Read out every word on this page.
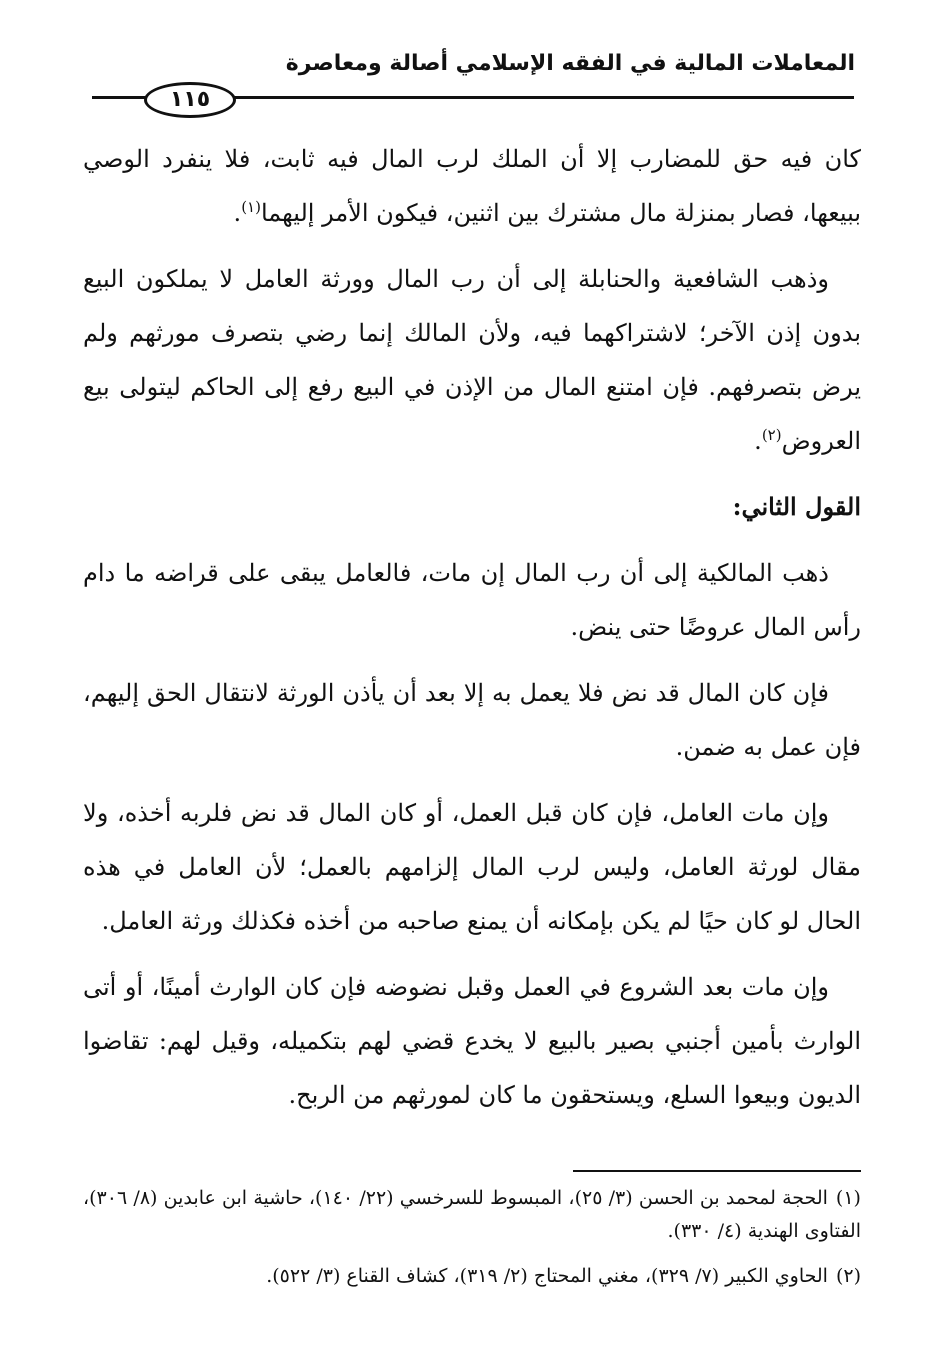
المعاملات المالية في الفقه الإسلامي أصالة ومعاصرة
١١٥

كان فيه حق للمضارب إلا أن الملك لرب المال فيه ثابت، فلا ينفرد الوصي ببيعها، فصار بمنزلة مال مشترك بين اثنين، فيكون الأمر إليهما$^{(١)}$.

وذهب الشافعية والحنابلة إلى أن رب المال وورثة العامل لا يملكون البيع بدون إذن الآخر؛ لاشتراكهما فيه، ولأن المالك إنما رضي بتصرف مورثهم ولم يرض بتصرفهم. فإن امتنع المال من الإذن في البيع رفع إلى الحاكم ليتولى بيع العروض$^{(٢)}$.

القول الثاني:

ذهب المالكية إلى أن رب المال إن مات، فالعامل يبقى على قراضه ما دام رأس المال عروضًا حتى ينض.

فإن كان المال قد نض فلا يعمل به إلا بعد أن يأذن الورثة لانتقال الحق إليهم، فإن عمل به ضمن.

وإن مات العامل، فإن كان قبل العمل، أو كان المال قد نض فلربه أخذه، ولا مقال لورثة العامل، وليس لرب المال إلزامهم بالعمل؛ لأن العامل في هذه الحال لو كان حيًا لم يكن بإمكانه أن يمنع صاحبه من أخذه فكذلك ورثة العامل.

وإن مات بعد الشروع في العمل وقبل نضوضه فإن كان الوارث أمينًا، أو أتى الوارث بأمين أجنبي بصير بالبيع لا يخدع قضي لهم بتكميله، وقيل لهم: تقاضوا الديون وبيعوا السلع، ويستحقون ما كان لمورثهم من الربح.

(١)الحجة لمحمد بن الحسن (٣/ ٢٥)، المبسوط للسرخسي (٢٢/ ١٤٠)، حاشية ابن عابدين (٨/ ٣٠٦)، الفتاوى الهندية (٤/ ٣٣٠).

(٢)الحاوي الكبير (٧/ ٣٢٩)، مغني المحتاج (٢/ ٣١٩)، كشاف القناع (٣/ ٥٢٢).
